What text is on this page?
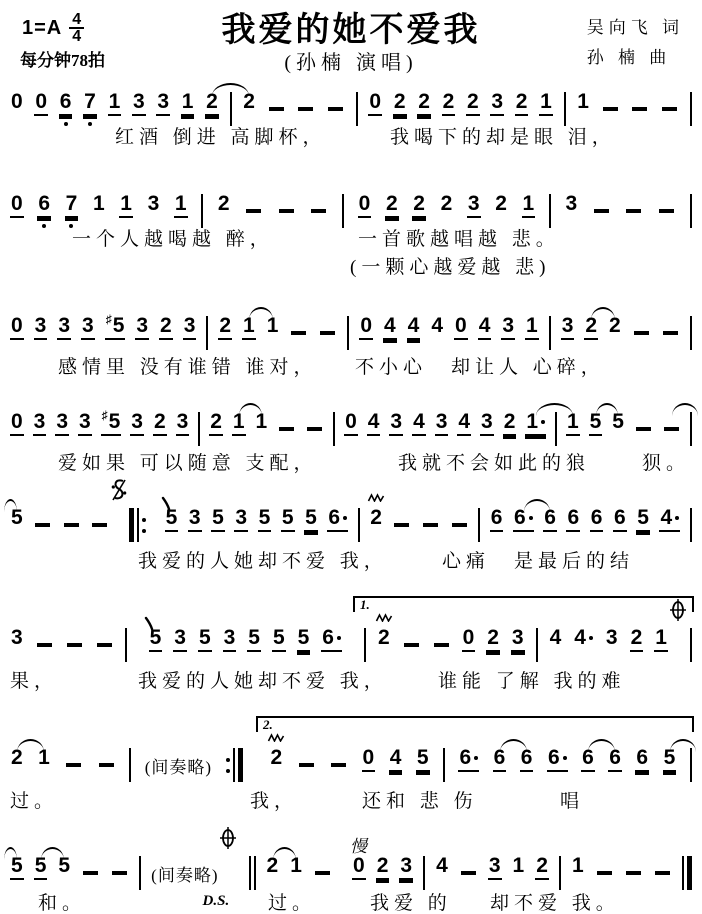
$1=A \frac{4}{4}$
每分钟78拍
我爱的她不爱我
(孙楠 演唱)
吴向飞 词
孙 楠 曲
0 0 6 7 1 3 3 1 2 2	0 2 2 2 2 3 2 1 1
红酒 倒进 高脚杯，	我喝下的却是眼 泪，
0 6 7 1 1 3 1 2	0 2 2 2 3 2 1 3
一个人越喝越 醉，	一首歌越唱越 悲。
(一颗心越爱越 悲)
0 3 3 3 ♯ 5 3 2 3 2 1 1	0 4 4 4 0 4 3 1 3 2 2
感情里 没有谁错 谁对， 不小心　却让人 心碎，
0 3 3 3 ♯ 5 3 2 3 2 1 1	0 4 3 4 3 4 3 2 1	1 5 5
爱如果 可以随意 支配，	我就不会如此的狼	狈。
5	5 3 5 3 5 5 5 6	2	6 6 6 6 6 6 5 4
我爱的人她却不爱 我，	心痛　是最后的结
3	5 3 5 3 5 5 5 6	2	0 2 3 4 4 3 2 1
1.
果，	我爱的人她却不爱 我，	谁能 了解 我的难
2 1	(间奏略)	2	0 4 5 6	6 6 6	6 6 6 5
2.
过。	我，	还和 悲 伤	唱
5 5 5	(间奏略)
D.S.
2 1
慢
0 2 3 4 3 1 2 1
和。	过。	我爱 的 却不爱 我。
